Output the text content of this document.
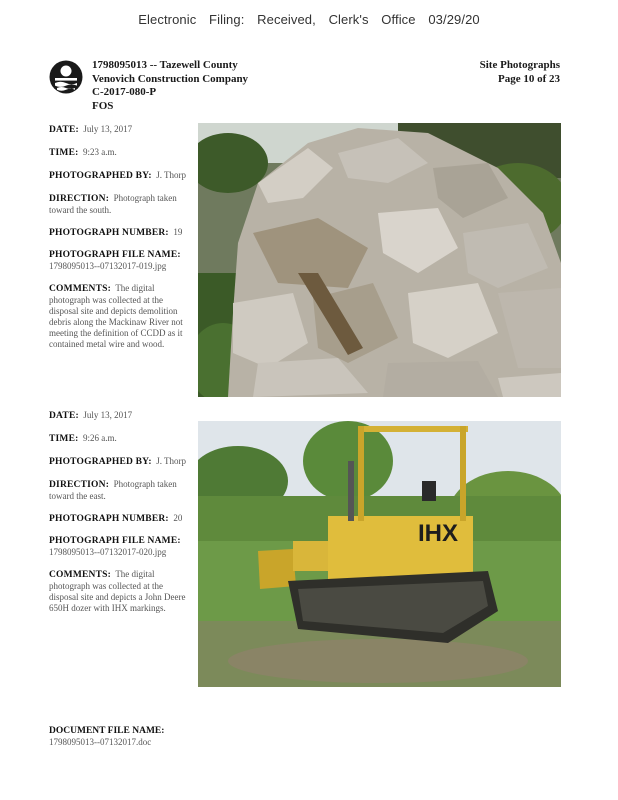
Electronic Filing: Received, Clerk's Office 03/29/20
1798095013 -- Tazewell County
Venovich Construction Company
C-2017-080-P
FOS
Site Photographs
Page 10 of 23
DATE: July 13, 2017
TIME: 9:23 a.m.
PHOTOGRAPHED BY: J. Thorp
DIRECTION: Photograph taken toward the south.
PHOTOGRAPH NUMBER: 19
PHOTOGRAPH FILE NAME:
1798095013--07132017-019.jpg
COMMENTS: The digital photograph was collected at the disposal site and depicts demolition debris along the Mackinaw River not meeting the definition of CCDD as it contained metal wire and wood.
DATE: July 13, 2017
TIME: 9:26 a.m.
PHOTOGRAPHED BY: J. Thorp
DIRECTION: Photograph taken toward the east.
PHOTOGRAPH NUMBER: 20
PHOTOGRAPH FILE NAME:
1798095013--07132017-020.jpg
COMMENTS: The digital photograph was collected at the disposal site and depicts a John Deere 650H dozer with IHX markings.
IHX
DOCUMENT FILE NAME:
1798095013--07132017.doc
